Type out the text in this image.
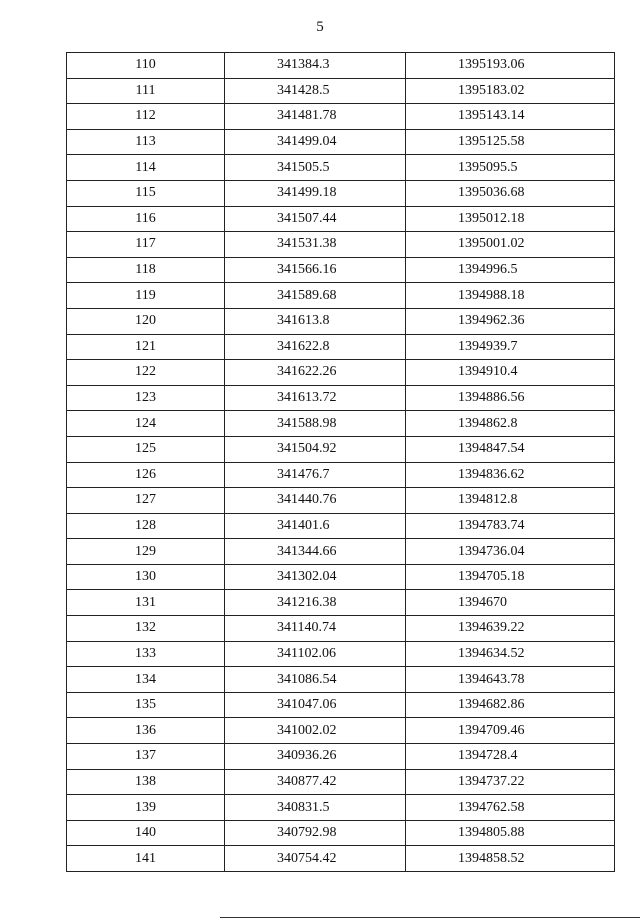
5
110	341384.3	1395193.06
111	341428.5	1395183.02
112	341481.78	1395143.14
113	341499.04	1395125.58
114	341505.5	1395095.5
115	341499.18	1395036.68
116	341507.44	1395012.18
117	341531.38	1395001.02
118	341566.16	1394996.5
119	341589.68	1394988.18
120	341613.8	1394962.36
121	341622.8	1394939.7
122	341622.26	1394910.4
123	341613.72	1394886.56
124	341588.98	1394862.8
125	341504.92	1394847.54
126	341476.7	1394836.62
127	341440.76	1394812.8
128	341401.6	1394783.74
129	341344.66	1394736.04
130	341302.04	1394705.18
131	341216.38	1394670
132	341140.74	1394639.22
133	341102.06	1394634.52
134	341086.54	1394643.78
135	341047.06	1394682.86
136	341002.02	1394709.46
137	340936.26	1394728.4
138	340877.42	1394737.22
139	340831.5	1394762.58
140	340792.98	1394805.88
141	340754.42	1394858.52
